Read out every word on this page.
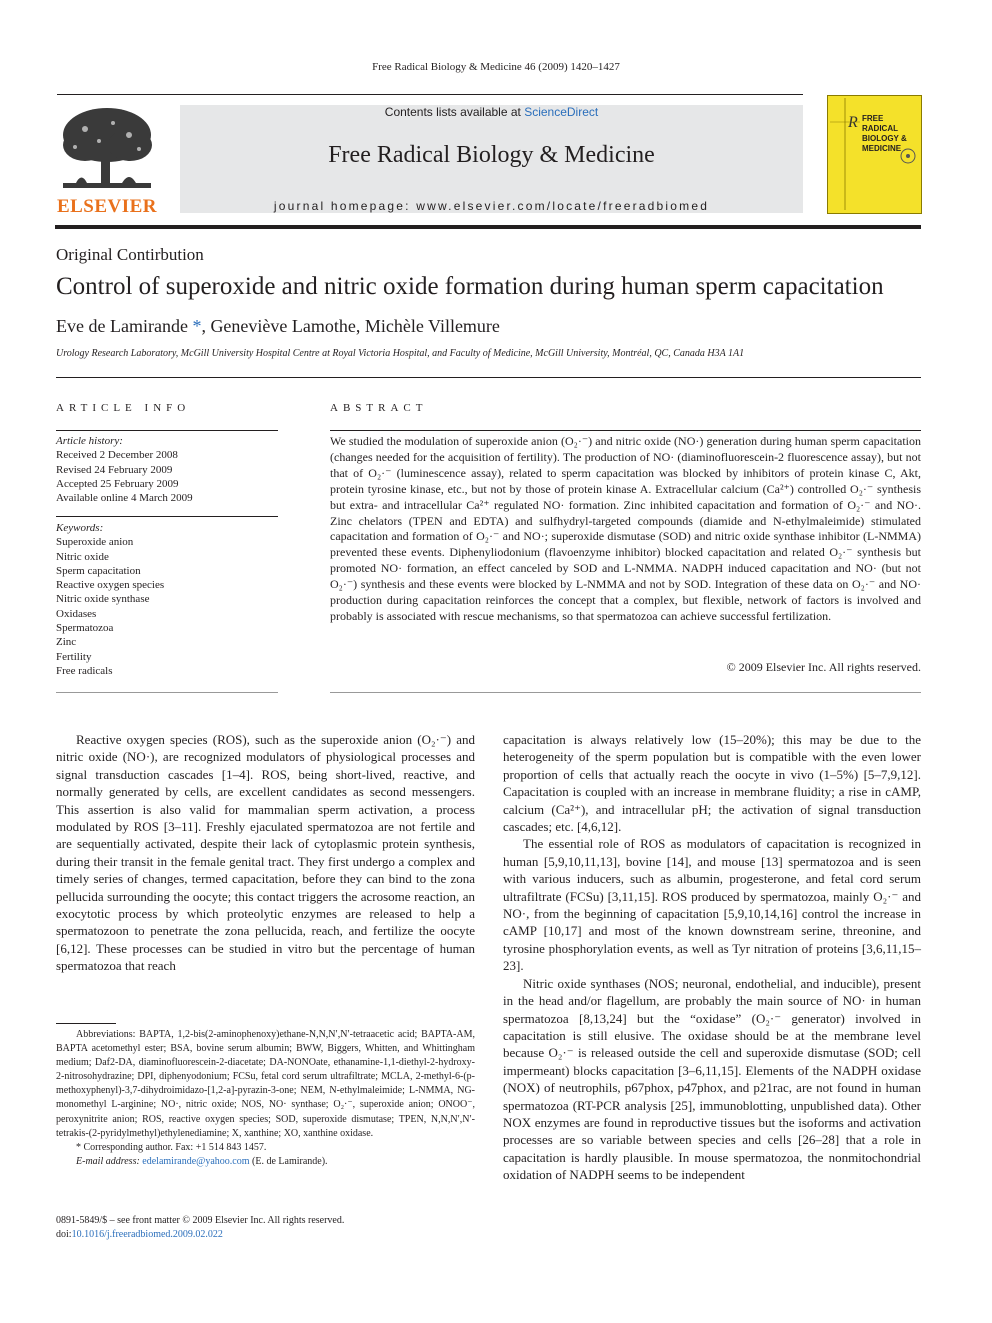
Free Radical Biology & Medicine 46 (2009) 1420–1427
ELSEVIER
Contents lists available at ScienceDirect
Free Radical Biology & Medicine
journal homepage: www.elsevier.com/locate/freeradbiomed
R FREE
RADICAL
BIOLOGY &
MEDICINE
Original Contirbution
Control of superoxide and nitric oxide formation during human sperm capacitation
Eve de Lamirande *, Geneviève Lamothe, Michèle Villemure
Urology Research Laboratory, McGill University Hospital Centre at Royal Victoria Hospital, and Faculty of Medicine, McGill University, Montréal, QC, Canada H3A 1A1
ARTICLE INFO
Article history:
Received 2 December 2008
Revised 24 February 2009
Accepted 25 February 2009
Available online 4 March 2009
Keywords:
Superoxide anion
Nitric oxide
Sperm capacitation
Reactive oxygen species
Nitric oxide synthase
Oxidases
Spermatozoa
Zinc
Fertility
Free radicals
ABSTRACT
We studied the modulation of superoxide anion (O₂·⁻) and nitric oxide (NO·) generation during human sperm capacitation (changes needed for the acquisition of fertility). The production of NO· (diaminofluorescein-2 fluorescence assay), but not that of O₂·⁻ (luminescence assay), related to sperm capacitation was blocked by inhibitors of protein kinase C, Akt, protein tyrosine kinase, etc., but not by those of protein kinase A. Extracellular calcium (Ca²⁺) controlled O₂·⁻ synthesis but extra- and intracellular Ca²⁺ regulated NO· formation. Zinc inhibited capacitation and formation of O₂·⁻ and NO·. Zinc chelators (TPEN and EDTA) and sulfhydryl-targeted compounds (diamide and N-ethylmaleimide) stimulated capacitation and formation of O₂·⁻ and NO·; superoxide dismutase (SOD) and nitric oxide synthase inhibitor (L-NMMA) prevented these events. Diphenyliodonium (flavoenzyme inhibitor) blocked capacitation and related O₂·⁻ synthesis but promoted NO· formation, an effect canceled by SOD and L-NMMA. NADPH induced capacitation and NO· (but not O₂·⁻) synthesis and these events were blocked by L-NMMA and not by SOD. Integration of these data on O₂·⁻ and NO· production during capacitation reinforces the concept that a complex, but flexible, network of factors is involved and probably is associated with rescue mechanisms, so that spermatozoa can achieve successful fertilization.
© 2009 Elsevier Inc. All rights reserved.

Reactive oxygen species (ROS), such as the superoxide anion (O₂·⁻) and nitric oxide (NO·), are recognized modulators of physiological processes and signal transduction cascades [1–4]. ROS, being short-lived, reactive, and normally generated by cells, are excellent candidates as second messengers. This assertion is also valid for mammalian sperm activation, a process modulated by ROS [3–11]. Freshly ejaculated spermatozoa are not fertile and are sequentially activated, despite their lack of cytoplasmic protein synthesis, during their transit in the female genital tract. They first undergo a complex and timely series of changes, termed capacitation, before they can bind to the zona pellucida surrounding the oocyte; this contact triggers the acrosome reaction, an exocytotic process by which proteolytic enzymes are released to help a spermatozoon to penetrate the zona pellucida, reach, and fertilize the oocyte [6,12]. These processes can be studied in vitro but the percentage of human spermatozoa that reach

capacitation is always relatively low (15–20%); this may be due to the heterogeneity of the sperm population but is compatible with the even lower proportion of cells that actually reach the oocyte in vivo (1–5%) [5–7,9,12]. Capacitation is coupled with an increase in membrane fluidity; a rise in cAMP, calcium (Ca²⁺), and intracellular pH; the activation of signal transduction cascades; etc. [4,6,12].

The essential role of ROS as modulators of capacitation is recognized in human [5,9,10,11,13], bovine [14], and mouse [13] spermatozoa and is seen with various inducers, such as albumin, progesterone, and fetal cord serum ultrafiltrate (FCSu) [3,11,15]. ROS produced by spermatozoa, mainly O₂·⁻ and NO·, from the beginning of capacitation [5,9,10,14,16] control the increase in cAMP [10,17] and most of the known downstream serine, threonine, and tyrosine phosphorylation events, as well as Tyr nitration of proteins [3,6,11,15–23].

Nitric oxide synthases (NOS; neuronal, endothelial, and inducible), present in the head and/or flagellum, are probably the main source of NO· in human spermatozoa [8,13,24] but the “oxidase” (O₂·⁻ generator) involved in capacitation is still elusive. The oxidase should be at the membrane level because O₂·⁻ is released outside the cell and superoxide dismutase (SOD; cell impermeant) blocks capacitation [3–6,11,15]. Elements of the NADPH oxidase (NOX) of neutrophils, p67phox, p47phox, and p21rac, are not found in human spermatozoa (RT-PCR analysis [25], immunoblotting, unpublished data). Other NOX enzymes are found in reproductive tissues but the isoforms and activation processes are so variable between species and cells [26–28] that a role in capacitation is hardly plausible. In mouse spermatozoa, the nonmitochondrial oxidation of NADPH seems to be independent

Abbreviations: BAPTA, 1,2-bis(2-aminophenoxy)ethane-N,N,N′,N′-tetraacetic acid; BAPTA-AM, BAPTA acetomethyl ester; BSA, bovine serum albumin; BWW, Biggers, Whitten, and Whittingham medium; Daf2-DA, diaminofluorescein-2-diacetate; DA-NONOate, ethanamine-1,1-diethyl-2-hydroxy-2-nitrosohydrazine; DPI, diphenyodonium; FCSu, fetal cord serum ultrafiltrate; MCLA, 2-methyl-6-(p-methoxyphenyl)-3,7-dihydroimidazo-[1,2-a]-pyrazin-3-one; NEM, N-ethylmaleimide; L-NMMA, NG-monomethyl L-arginine; NO·, nitric oxide; NOS, NO· synthase; O₂·⁻, superoxide anion; ONOO⁻, peroxynitrite anion; ROS, reactive oxygen species; SOD, superoxide dismutase; TPEN, N,N,N′,N′-tetrakis-(2-pyridylmethyl)ethylenediamine; X, xanthine; XO, xanthine oxidase.

* Corresponding author. Fax: +1 514 843 1457.

E-mail address: edelamirande@yahoo.com (E. de Lamirande).

0891-5849/$ – see front matter © 2009 Elsevier Inc. All rights reserved.
doi:10.1016/j.freeradbiomed.2009.02.022
